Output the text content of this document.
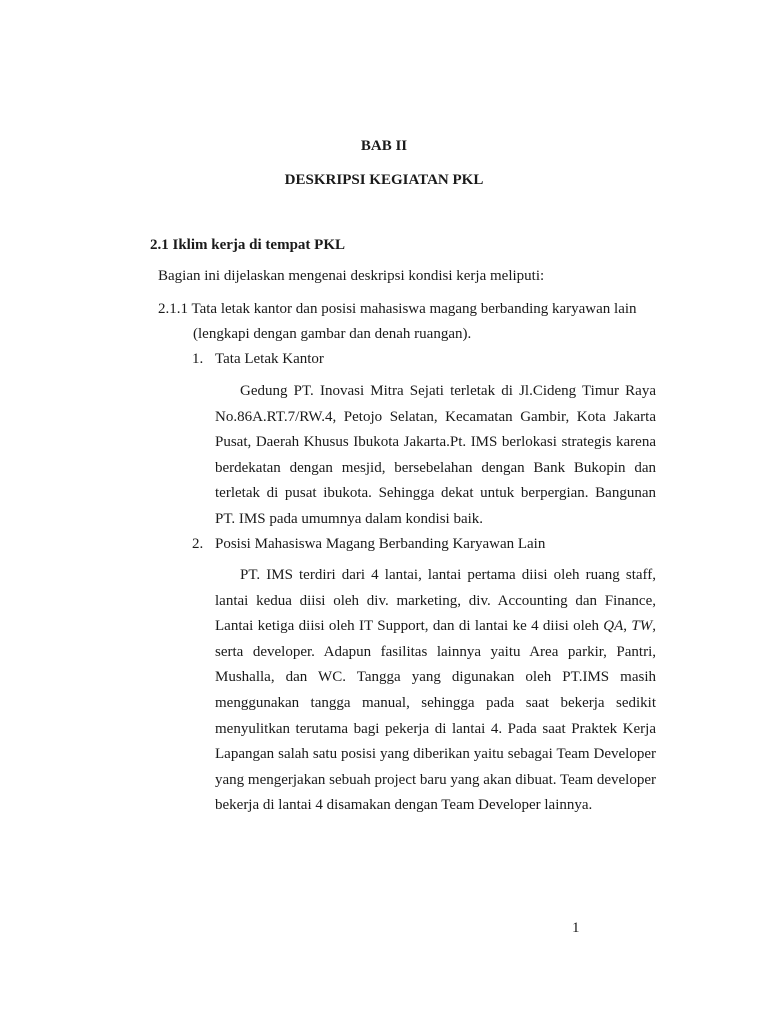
BAB II
DESKRIPSI KEGIATAN PKL
2.1 Iklim kerja di tempat PKL
Bagian ini dijelaskan mengenai deskripsi kondisi kerja meliputi:
2.1.1 Tata letak kantor dan posisi mahasiswa magang berbanding karyawan lain
(lengkapi dengan gambar dan denah ruangan).
1. Tata Letak Kantor

Gedung PT. Inovasi Mitra Sejati terletak di Jl.Cideng Timur Raya No.86A.RT.7/RW.4, Petojo Selatan, Kecamatan Gambir, Kota Jakarta Pusat, Daerah Khusus Ibukota Jakarta.Pt. IMS berlokasi strategis karena berdekatan dengan mesjid, bersebelahan dengan Bank Bukopin dan terletak di pusat ibukota. Sehingga dekat untuk berpergian. Bangunan PT. IMS pada umumnya dalam kondisi baik.

2. Posisi Mahasiswa Magang Berbanding Karyawan Lain

PT. IMS terdiri dari 4 lantai, lantai pertama diisi oleh ruang staff, lantai kedua diisi oleh div. marketing, div. Accounting dan Finance, Lantai ketiga diisi oleh IT Support, dan di lantai ke 4 diisi oleh QA, TW, serta developer. Adapun fasilitas lainnya yaitu Area parkir, Pantri, Mushalla, dan WC. Tangga yang digunakan oleh PT.IMS masih menggunakan tangga manual, sehingga pada saat bekerja sedikit menyulitkan terutama bagi pekerja di lantai 4. Pada saat Praktek Kerja Lapangan salah satu posisi yang diberikan yaitu sebagai Team Developer yang mengerjakan sebuah project baru yang akan dibuat. Team developer bekerja di lantai 4 disamakan dengan Team Developer lainnya.

1
